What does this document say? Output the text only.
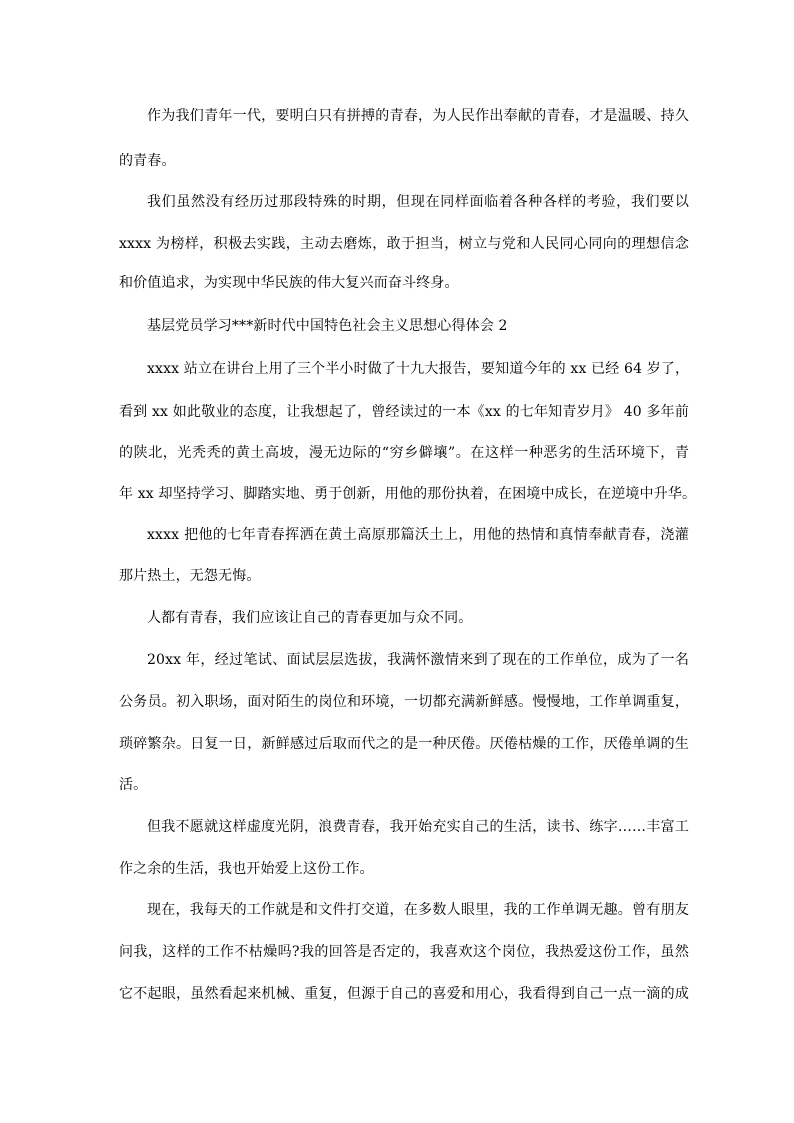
作为我们青年一代，要明白只有拼搏的青春，为人民作出奉献的青春，才是温暖、持久
的青春。
我们虽然没有经历过那段特殊的时期，但现在同样面临着各种各样的考验，我们要以
xxxx 为榜样，积极去实践，主动去磨炼，敢于担当，树立与党和人民同心同向的理想信念
和价值追求，为实现中华民族的伟大复兴而奋斗终身。
基层党员学习***新时代中国特色社会主义思想心得体会 2
xxxx 站立在讲台上用了三个半小时做了十九大报告，要知道今年的 xx 已经 64 岁了，
看到 xx 如此敬业的态度，让我想起了，曾经读过的一本《xx 的七年知青岁月》 40 多年前
的陕北，光秃秃的黄土高坡，漫无边际的“穷乡僻壤”。在这样一种恶劣的生活环境下，青
年 xx 却坚持学习、脚踏实地、勇于创新，用他的那份执着，在困境中成长，在逆境中升华。
xxxx 把他的七年青春挥洒在黄土高原那篇沃土上，用他的热情和真情奉献青春，浇灌
那片热土，无怨无悔。
人都有青春，我们应该让自己的青春更加与众不同。
20xx 年，经过笔试、面试层层选拔，我满怀激情来到了现在的工作单位，成为了一名
公务员。初入职场，面对陌生的岗位和环境，一切都充满新鲜感。慢慢地，工作单调重复，
琐碎繁杂。日复一日，新鲜感过后取而代之的是一种厌倦。厌倦枯燥的工作，厌倦单调的生
活。
但我不愿就这样虚度光阴，浪费青春，我开始充实自己的生活，读书、练字……丰富工
作之余的生活，我也开始爱上这份工作。
现在，我每天的工作就是和文件打交道，在多数人眼里，我的工作单调无趣。曾有朋友
问我，这样的工作不枯燥吗?我的回答是否定的，我喜欢这个岗位，我热爱这份工作，虽然
它不起眼，虽然看起来机械、重复，但源于自己的喜爱和用心，我看得到自己一点一滴的成
